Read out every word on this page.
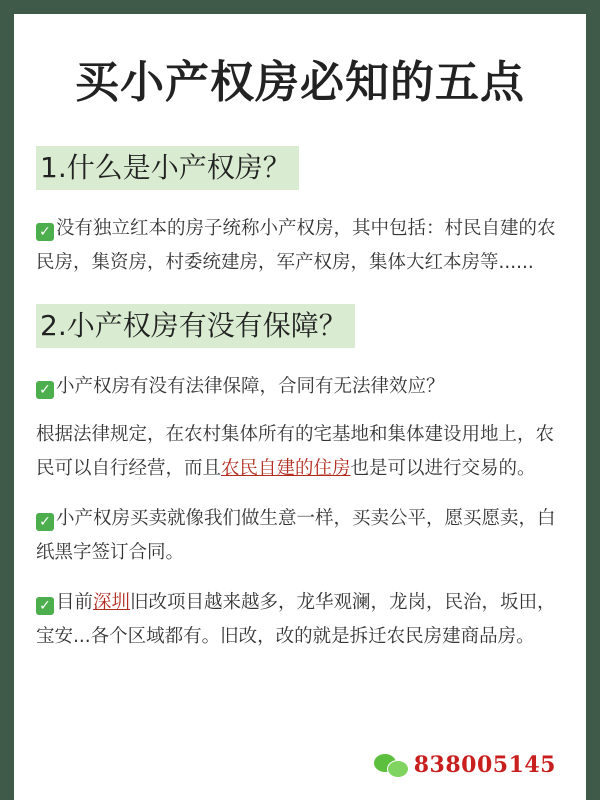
买小产权房必知的五点
1.什么是小产权房？
✓ 没有独立红本的房子统称小产权房，其中包括：村民自建的农民房，集资房，村委统建房，军产权房，集体大红本房等......
2.小产权房有没有保障？
✓ 小产权房有没有法律保障，合同有无法律效应？
根据法律规定，在农村集体所有的宅基地和集体建设用地上，农民可以自行经营，而且农民自建的住房也是可以进行交易的。
✓ 小产权房买卖就像我们做生意一样，买卖公平，愿买愿卖，白纸黑字签订合同。
✓ 目前深圳旧改项目越来越多，龙华观澜，龙岗，民治，坂田，宝安...各个区域都有。旧改，改的就是拆迁农民房建商品房。
838005145
